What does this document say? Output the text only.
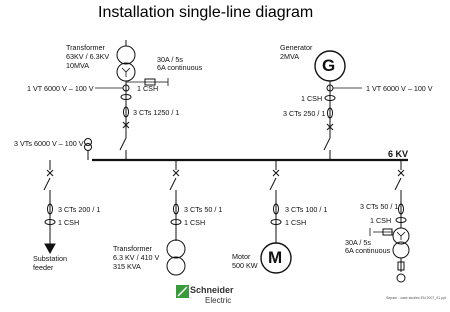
Installation single-line diagram
Transformer
63KV / 6.3KV
10MVA
30A / 5s
6A continuous
1 VT 6000 V – 100 V	1 CSH
3 CTs 1250 / 1
G
Generator
2MVA
1 VT 6000 V – 100 V
1 CSH
3 CTs 250 / 1
3 VTs 6000 V – 100 V
6 KV
3 CTs 200 / 1
1 CSH
Substation
feeder
3 CTs 50 / 1
1 CSH
Transformer
6.3 KV / 410 V
315 KVA
3 CTs 100 / 1
1 CSH
M
Motor
500 KW
3 CTs 50 / 1
1 CSH
30A / 5s
6A continuous
Schneider
Electric	Sepam - case studies EN 2007_01.ppt
